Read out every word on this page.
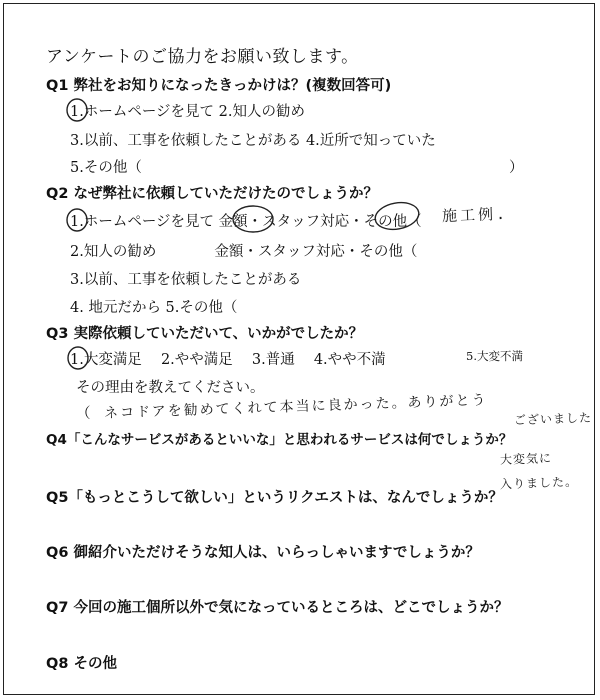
アンケートのご協力をお願い致します。
Q1 弊社をお知りになったきっかけは？(複数回答可)
1.ホームページを見て 2.知人の勧め
3.以前、工事を依頼したことがある 4.近所で知っていた
5.その他（	）
Q2 なぜ弊社に依頼していただけたのでしょうか？
1.ホームページを見て 金額・スタッフ対応・その他（ 施工例.
2.知人の勧め　　　　金額・スタッフ対応・その他（
3.以前、工事を依頼したことがある
4. 地元だから 5.その他（
Q3 実際依頼していただいて、いかがでしたか？
1.大変満足　 2.やや満足 　3.普通　 4.やや不満	5.大変不満
その理由を教えてください。
（ ネコドアを勧めてくれて本当に良かった。ありがとう ございました
Q4「こんなサービスがあるといいな」と思われるサービスは何でしょうか？
大変気に
入りました。
Q5「もっとこうして欲しい」というリクエストは、なんでしょうか？
Q6 御紹介いただけそうな知人は、いらっしゃいますでしょうか？
Q7 今回の施工個所以外で気になっているところは、どこでしょうか？
Q8 その他
